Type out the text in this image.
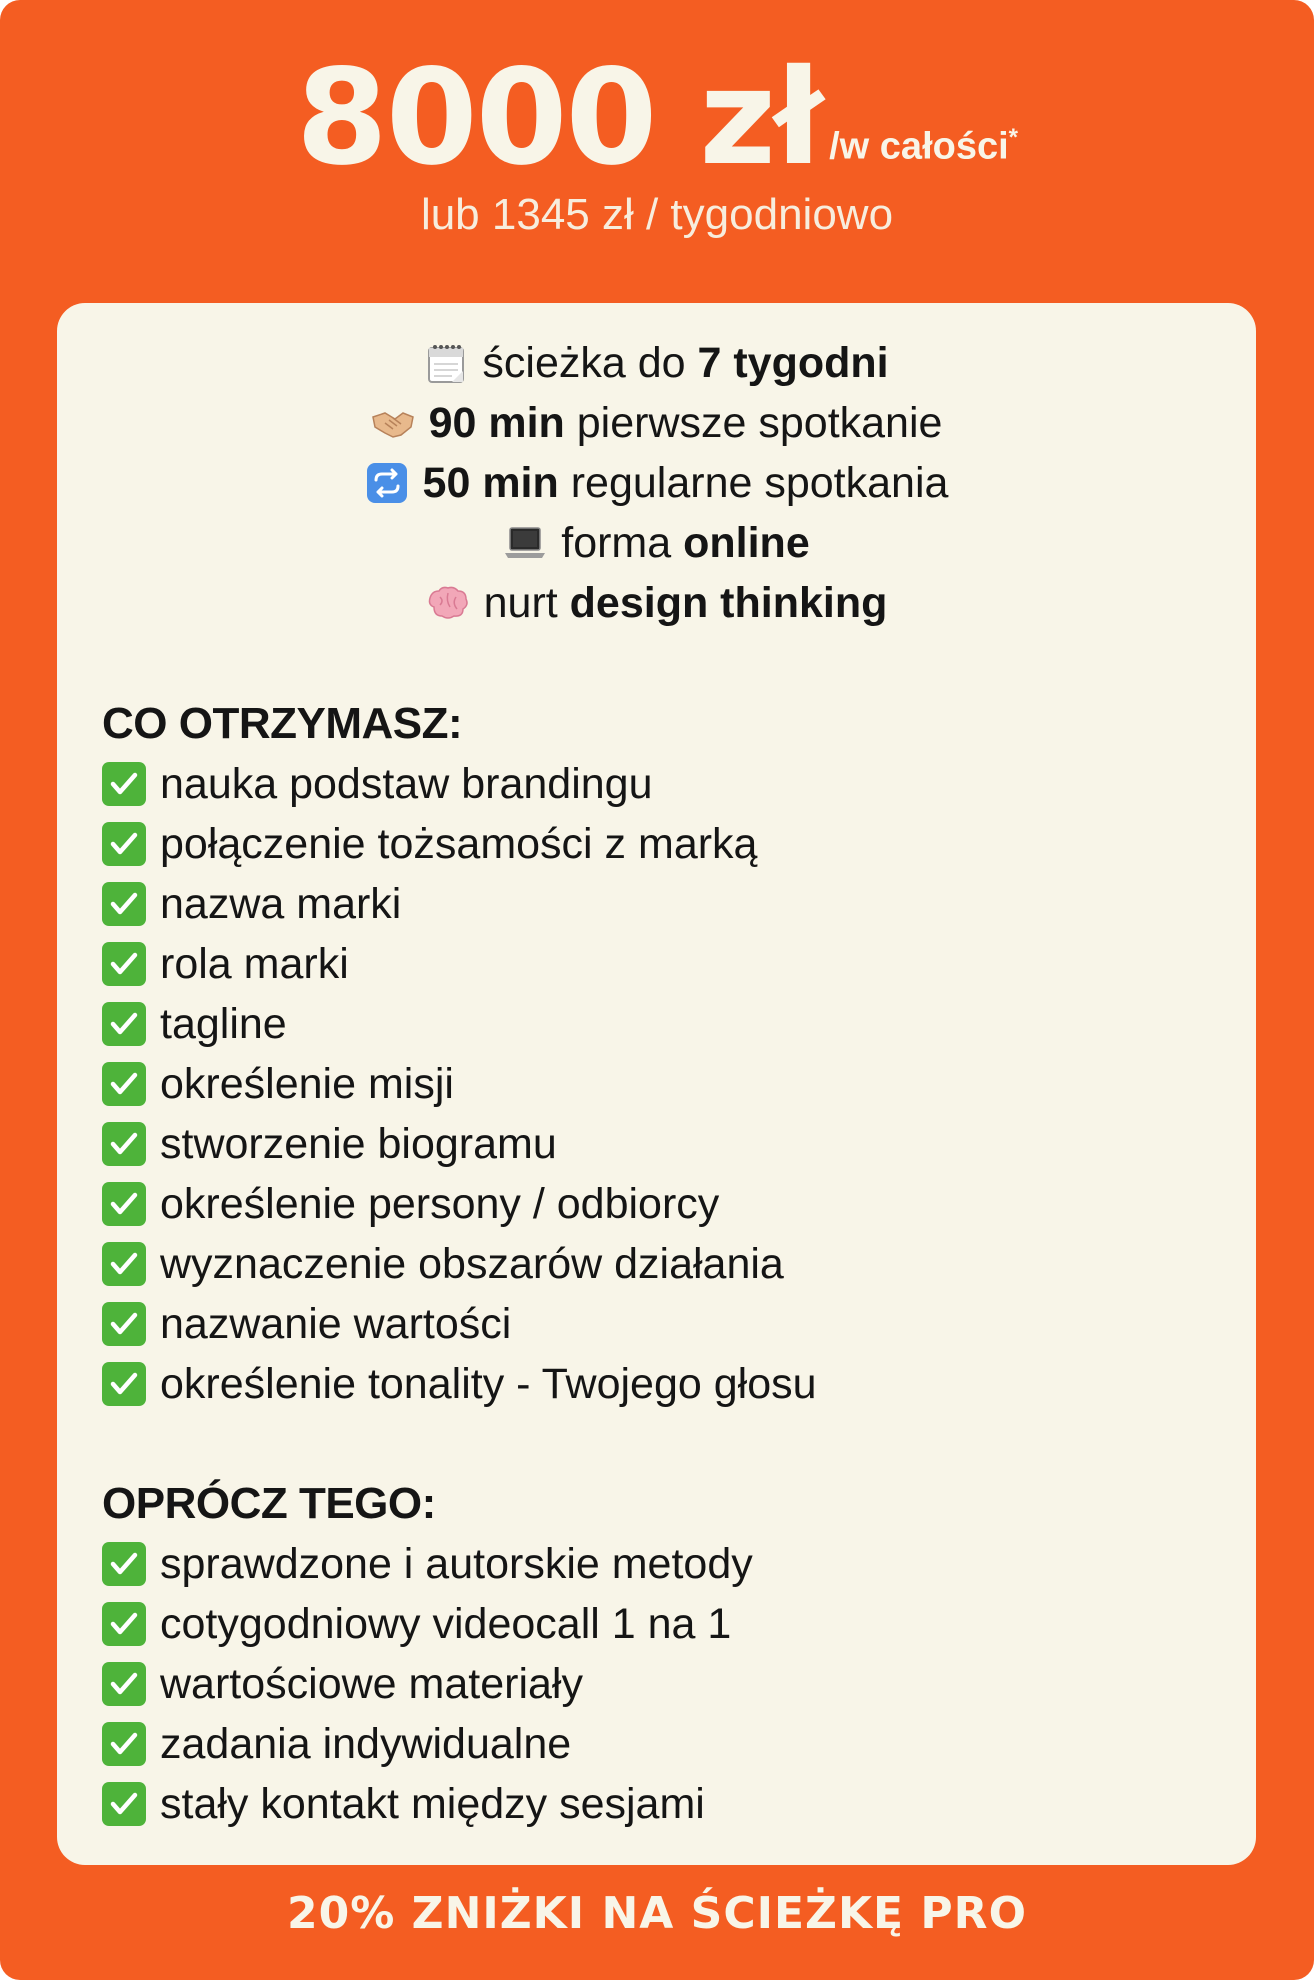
8000 zł /w całości*
lub 1345 zł / tygodniowo
ścieżka do 7 tygodni
90 min pierwsze spotkanie
50 min regularne spotkania
forma online
nurt design thinking
CO OTRZYMASZ:
nauka podstaw brandingu
połączenie tożsamości z marką
nazwa marki
rola marki
tagline
określenie misji
stworzenie biogramu
określenie persony / odbiorcy
wyznaczenie obszarów działania
nazwanie wartości
określenie tonality - Twojego głosu
OPRÓCZ TEGO:
sprawdzone i autorskie metody
cotygodniowy videocall 1 na 1
wartościowe materiały
zadania indywidualne
stały kontakt między sesjami
20% ZNIŻKI NA ŚCIEŻKĘ PRO
